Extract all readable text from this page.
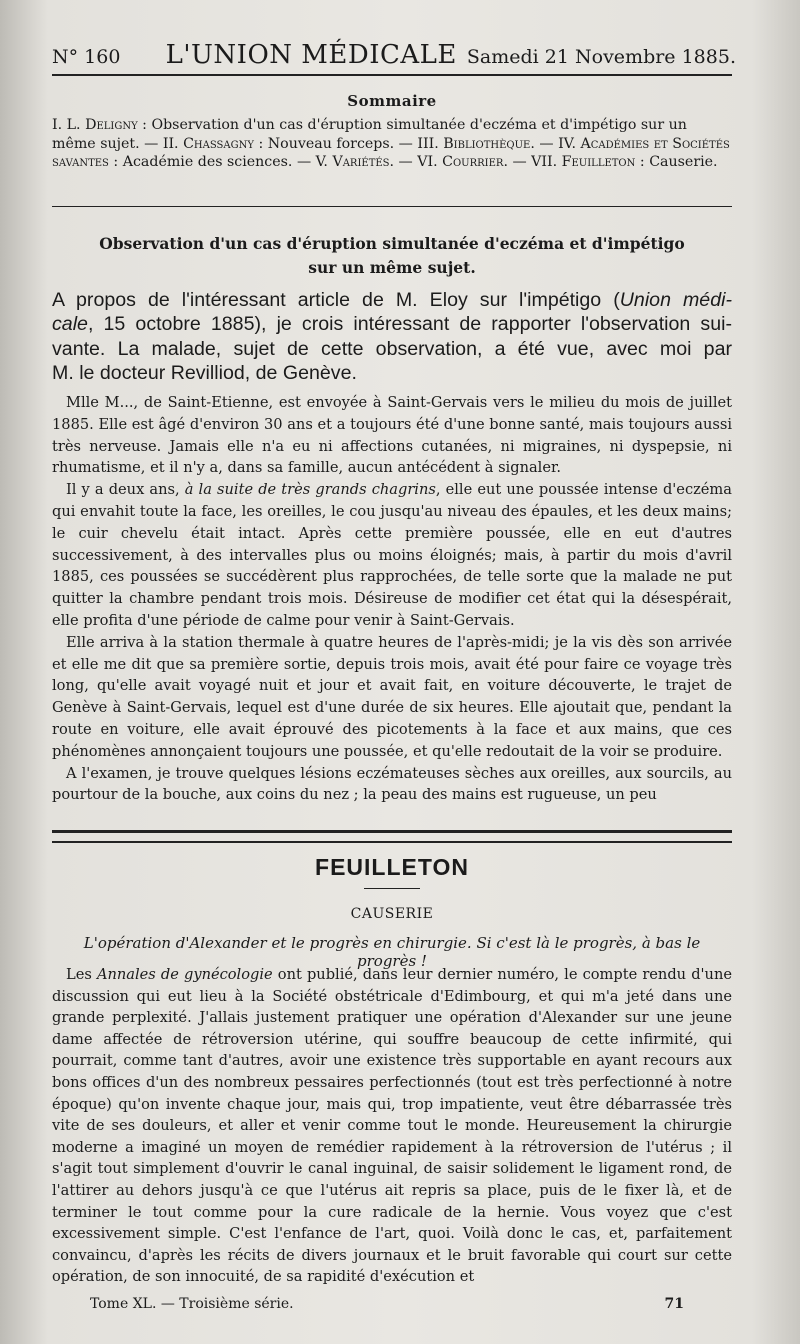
N° 160	L'UNION MÉDICALE Samedi 21 Novembre 1885.
Sommaire
I. L. Deligny : Observation d'un cas d'éruption simultanée d'eczéma et d'impétigo sur un même sujet. — II. Chassagny : Nouveau forceps. — III. Bibliothèque. — IV. Académies et Sociétés savantes : Académie des sciences. — V. Variétés. — VI. Courrier. — VII. Feuilleton : Causerie.
Observation d'un cas d'éruption simultanée d'eczéma et d'impétigo
sur un même sujet.
A propos de l'intéressant article de M. Eloy sur l'impétigo (Union médi-
cale, 15 octobre 1885), je crois intéressant de rapporter l'observation sui-
vante. La malade, sujet de cette observation, a été vue, avec moi par
M. le docteur Revilliod, de Genève.

Mlle M..., de Saint-Etienne, est envoyée à Saint-Gervais vers le milieu du mois de juillet 1885. Elle est âgé d'environ 30 ans et a toujours été d'une bonne santé, mais toujours aussi très nerveuse. Jamais elle n'a eu ni affections cutanées, ni migraines, ni dyspepsie, ni rhumatisme, et il n'y a, dans sa famille, aucun antécédent à signaler.

Il y a deux ans, à la suite de très grands chagrins, elle eut une poussée intense d'eczéma qui envahit toute la face, les oreilles, le cou jusqu'au niveau des épaules, et les deux mains; le cuir chevelu était intact. Après cette première poussée, elle en eut d'autres successivement, à des intervalles plus ou moins éloignés; mais, à partir du mois d'avril 1885, ces poussées se succédèrent plus rapprochées, de telle sorte que la malade ne put quitter la chambre pendant trois mois. Désireuse de modifier cet état qui la désespérait, elle profita d'une période de calme pour venir à Saint-Gervais.

Elle arriva à la station thermale à quatre heures de l'après-midi; je la vis dès son arrivée et elle me dit que sa première sortie, depuis trois mois, avait été pour faire ce voyage très long, qu'elle avait voyagé nuit et jour et avait fait, en voiture découverte, le trajet de Genève à Saint-Gervais, lequel est d'une durée de six heures. Elle ajoutait que, pendant la route en voiture, elle avait éprouvé des picotements à la face et aux mains, que ces phénomènes annonçaient toujours une poussée, et qu'elle redoutait de la voir se produire.

A l'examen, je trouve quelques lésions eczémateuses sèches aux oreilles, aux sourcils, au pourtour de la bouche, aux coins du nez ; la peau des mains est rugueuse, un peu

FEUILLETON
CAUSERIE
L'opération d'Alexander et le progrès en chirurgie. Si c'est là le progrès, à bas le progrès !

Les Annales de gynécologie ont publié, dans leur dernier numéro, le compte rendu d'une discussion qui eut lieu à la Société obstétricale d'Edimbourg, et qui m'a jeté dans une grande perplexité. J'allais justement pratiquer une opération d'Alexander sur une jeune dame affectée de rétroversion utérine, qui souffre beaucoup de cette infirmité, qui pourrait, comme tant d'autres, avoir une existence très supportable en ayant recours aux bons offices d'un des nombreux pessaires perfectionnés (tout est très perfectionné à notre époque) qu'on invente chaque jour, mais qui, trop impatiente, veut être débarrassée très vite de ses douleurs, et aller et venir comme tout le monde. Heureusement la chirurgie moderne a imaginé un moyen de remédier rapidement à la rétroversion de l'utérus ; il s'agit tout simplement d'ouvrir le canal inguinal, de saisir solidement le ligament rond, de l'attirer au dehors jusqu'à ce que l'utérus ait repris sa place, puis de le fixer là, et de terminer le tout comme pour la cure radicale de la hernie. Vous voyez que c'est excessivement simple. C'est l'enfance de l'art, quoi. Voilà donc le cas, et, parfaitement convaincu, d'après les récits de divers journaux et le bruit favorable qui court sur cette opération, de son innocuité, de sa rapidité d'exécution et

Tome XL. — Troisième série.	71
